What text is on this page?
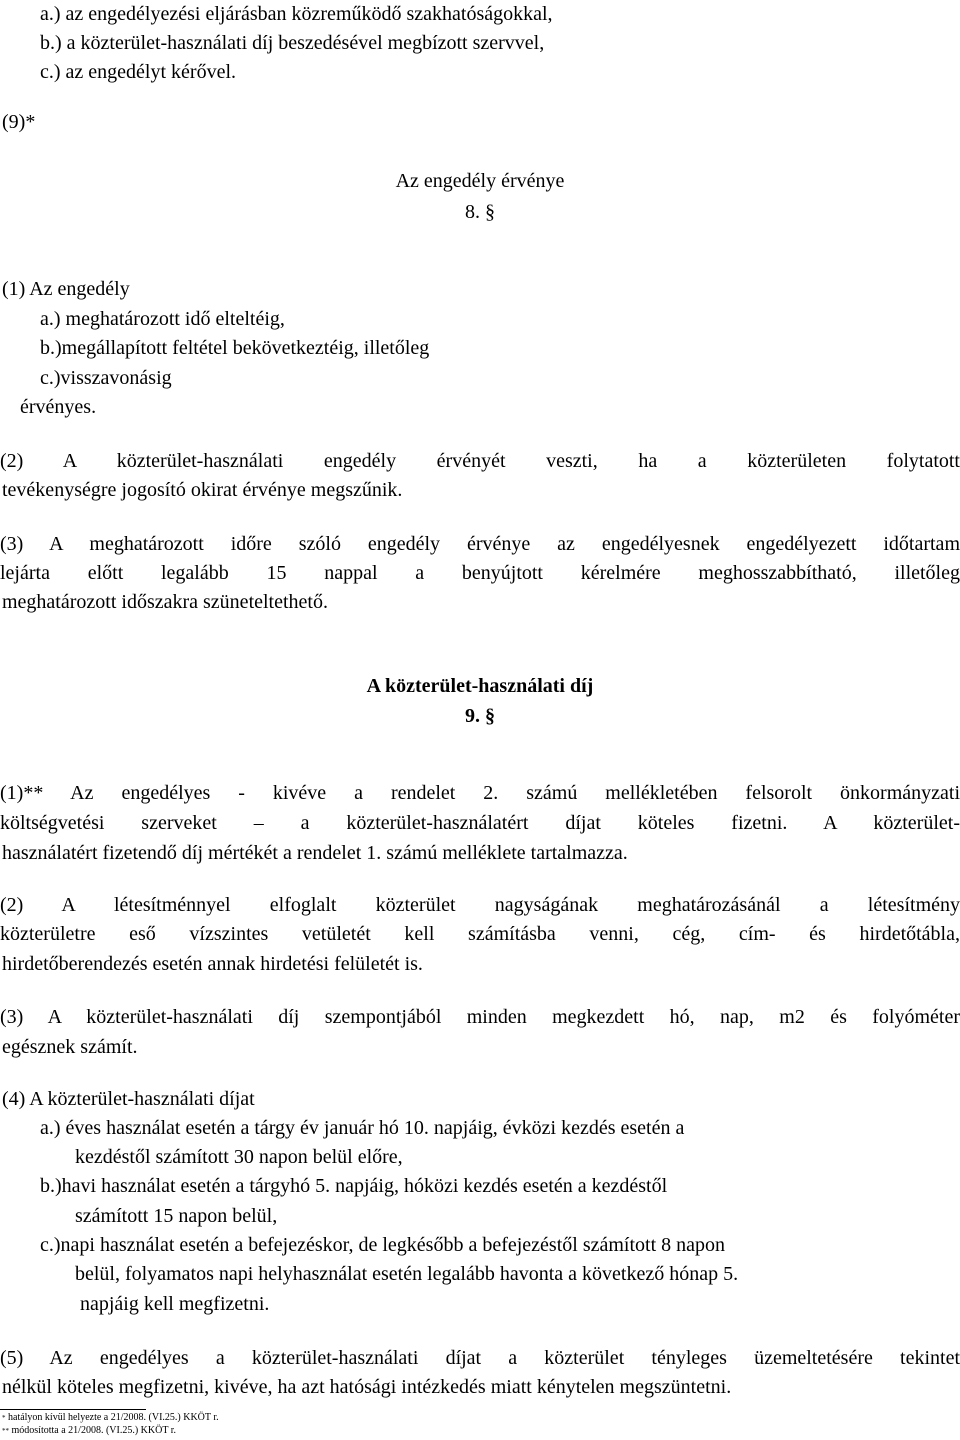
a.) az engedélyezési eljárásban közreműködő szakhatóságokkal,
b.) a közterület-használati díj beszedésével megbízott szervvel,
c.) az engedélyt kérővel.
(9)*
Az engedély érvénye
8. §
(1) Az engedély
a.) meghatározott idő elteltéig,
b.)megállapított feltétel bekövetkeztéig, illetőleg
c.)visszavonásig
érvényes.
(2) A közterület-használati engedély érvényét veszti, ha a közterületen folytatott
tevékenységre jogosító okirat érvénye megszűnik.
(3) A meghatározott időre szóló engedély érvénye az engedélyesnek engedélyezett időtartam
lejárta előtt legalább 15 nappal a benyújtott kérelmére meghosszabbítható, illetőleg
meghatározott időszakra szüneteltethető.
A közterület-használati díj
9. §
(1)** Az engedélyes - kivéve a rendelet 2. számú mellékletében felsorolt önkormányzati
költségvetési szerveket – a közterület-használatért díjat köteles fizetni. A közterület-
használatért fizetendő díj mértékét a rendelet 1. számú melléklete tartalmazza.
(2) A létesítménnyel elfoglalt közterület nagyságának meghatározásánál a létesítmény
közterületre eső vízszintes vetületét kell számításba venni, cég, cím- és hirdetőtábla,
hirdetőberendezés esetén annak hirdetési felületét is.
(3) A közterület-használati díj szempontjából minden megkezdett hó, nap, m2 és folyóméter
egésznek számít.
(4) A közterület-használati díjat
a.) éves használat esetén a tárgy év január hó 10. napjáig, évközi kezdés esetén a
kezdéstől számított 30 napon belül előre,
b.)havi használat esetén a tárgyhó 5. napjáig, hóközi kezdés esetén a kezdéstől
számított 15 napon belül,
c.)napi használat esetén a befejezéskor, de legkésőbb a befejezéstől számított 8 napon
belül, folyamatos napi helyhasználat esetén legalább havonta a következő hónap 5.
napjáig kell megfizetni.
(5) Az engedélyes a közterület-használati díjat a közterület tényleges üzemeltetésére tekintet
nélkül köteles megfizetni, kivéve, ha azt hatósági intézkedés miatt kénytelen megszüntetni.
* hatályon kívül helyezte a 21/2008. (VI.25.) KKÖT r.
** módosította a 21/2008. (VI.25.) KKÖT r.
